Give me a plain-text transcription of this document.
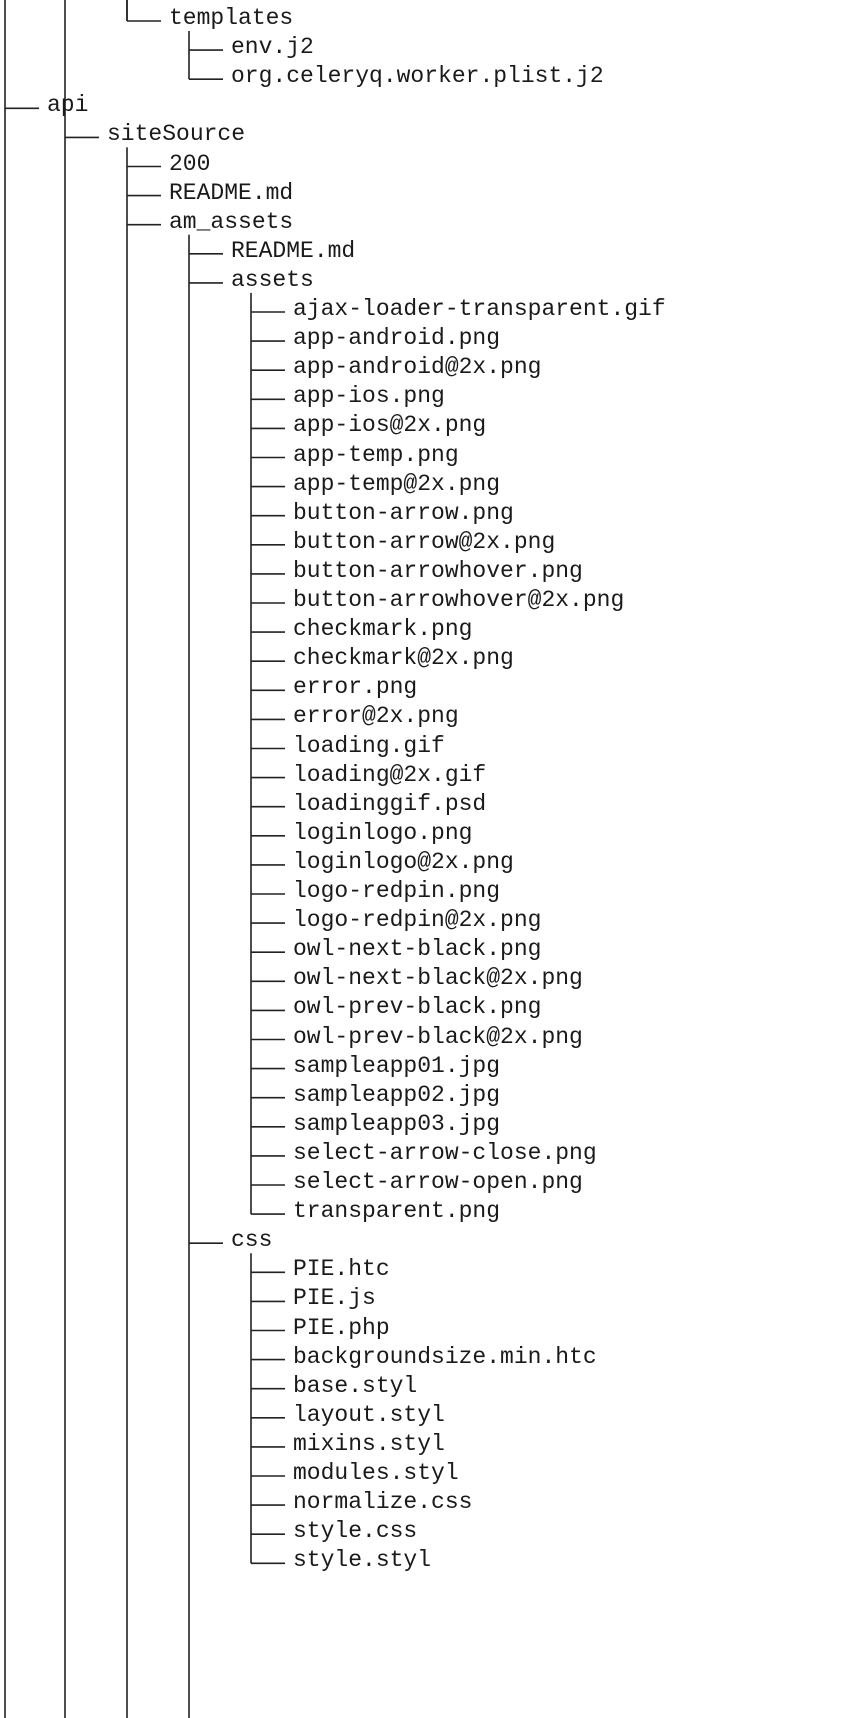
templates
env.j2
org.celeryq.worker.plist.j2
api
siteSource
200
README.md
am_assets
README.md
assets
ajax-loader-transparent.gif
app-android.png
app-android@2x.png
app-ios.png
app-ios@2x.png
app-temp.png
app-temp@2x.png
button-arrow.png
button-arrow@2x.png
button-arrowhover.png
button-arrowhover@2x.png
checkmark.png
checkmark@2x.png
error.png
error@2x.png
loading.gif
loading@2x.gif
loadinggif.psd
loginlogo.png
loginlogo@2x.png
logo-redpin.png
logo-redpin@2x.png
owl-next-black.png
owl-next-black@2x.png
owl-prev-black.png
owl-prev-black@2x.png
sampleapp01.jpg
sampleapp02.jpg
sampleapp03.jpg
select-arrow-close.png
select-arrow-open.png
transparent.png
css
PIE.htc
PIE.js
PIE.php
backgroundsize.min.htc
base.styl
layout.styl
mixins.styl
modules.styl
normalize.css
style.css
style.styl
